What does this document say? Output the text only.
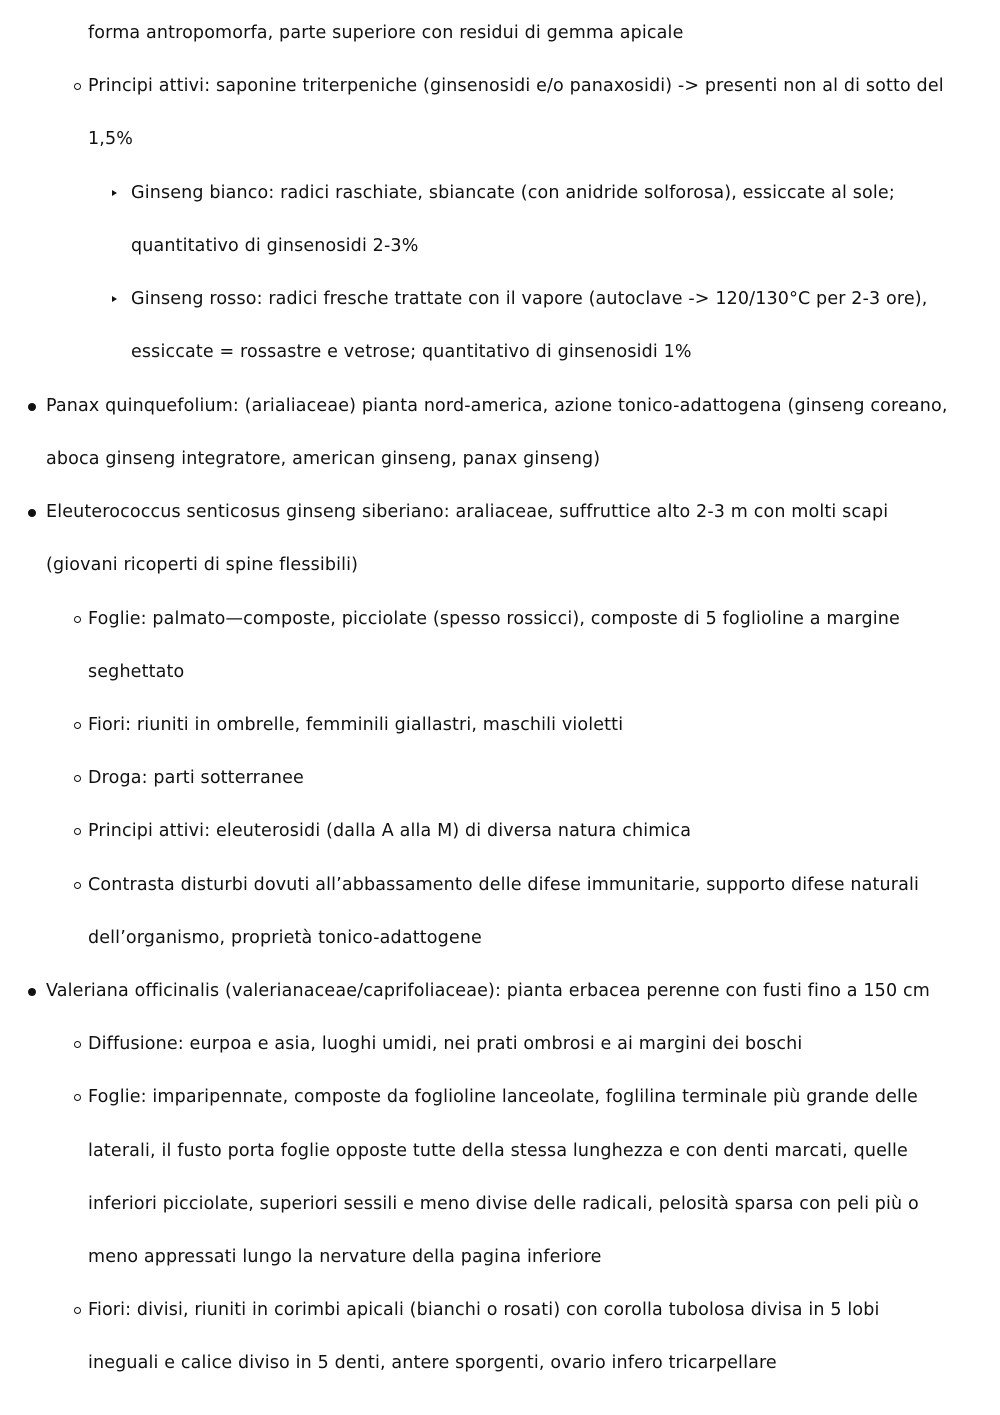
forma antropomorfa, parte superiore con residui di gemma apicale
Principi attivi: saponine triterpeniche (ginsenosidi e/o panaxosidi) -> presenti non al di sotto del
1,5%
Ginseng bianco: radici raschiate, sbiancate (con anidride solforosa), essiccate al sole;
quantitativo di ginsenosidi 2-3%
Ginseng rosso: radici fresche trattate con il vapore (autoclave -> 120/130°C per 2-3 ore),
essiccate = rossastre e vetrose; quantitativo di ginsenosidi 1%
Panax quinquefolium: (arialiaceae) pianta nord-america, azione tonico-adattogena (ginseng coreano,
aboca ginseng integratore, american ginseng, panax ginseng)
Eleuterococcus senticosus ginseng siberiano: araliaceae, suffruttice alto 2-3 m con molti scapi
(giovani ricoperti di spine flessibili)
Foglie: palmato—composte, picciolate (spesso rossicci), composte di 5 foglioline a margine
seghettato
Fiori: riuniti in ombrelle, femminili giallastri, maschili violetti
Droga: parti sotterranee
Principi attivi: eleuterosidi (dalla A alla M) di diversa natura chimica
Contrasta disturbi dovuti all’abbassamento delle difese immunitarie, supporto difese naturali
dell’organismo, proprietà tonico-adattogene
Valeriana officinalis (valerianaceae/caprifoliaceae): pianta erbacea perenne con fusti fino a 150 cm
Diffusione: eurpoa e asia, luoghi umidi, nei prati ombrosi e ai margini dei boschi
Foglie: imparipennate, composte da foglioline lanceolate, foglilina terminale più grande delle
laterali, il fusto porta foglie opposte tutte della stessa lunghezza e con denti marcati, quelle
inferiori picciolate, superiori sessili e meno divise delle radicali, pelosità sparsa con peli più o
meno appressati lungo la nervature della pagina inferiore
Fiori: divisi, riuniti in corimbi apicali (bianchi o rosati) con corolla tubolosa divisa in 5 lobi
ineguali e calice diviso in 5 denti, antere sporgenti, ovario infero tricarpellare
